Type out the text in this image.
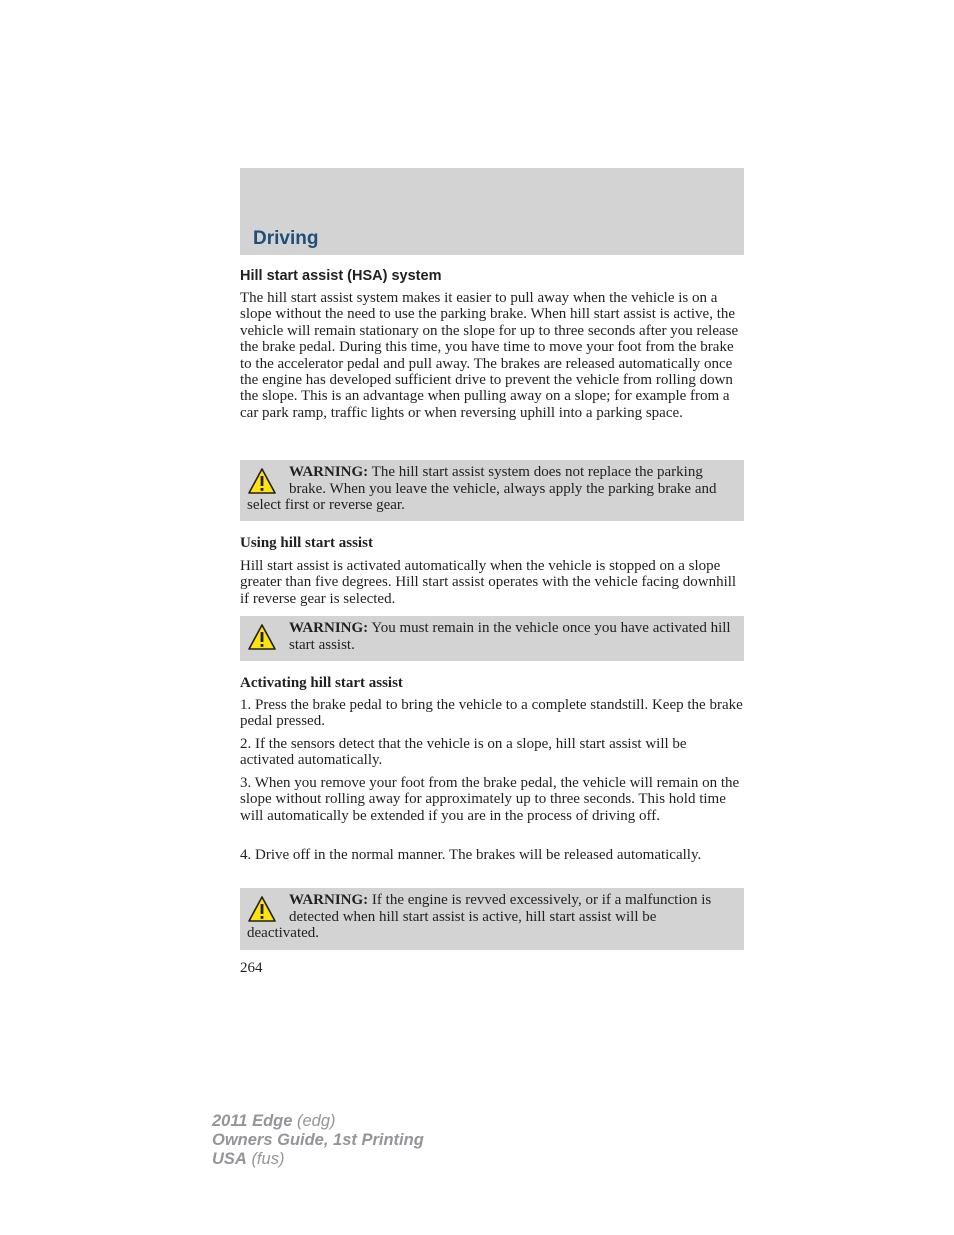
Driving
Hill start assist (HSA) system

The hill start assist system makes it easier to pull away when the vehicle is on a slope without the need to use the parking brake. When hill start assist is active, the vehicle will remain stationary on the slope for up to three seconds after you release the brake pedal. During this time, you have time to move your foot from the brake to the accelerator pedal and pull away. The brakes are released automatically once the engine has developed sufficient drive to prevent the vehicle from rolling down the slope. This is an advantage when pulling away on a slope; for example from a car park ramp, traffic lights or when reversing uphill into a parking space.

WARNING: The hill start assist system does not replace the parking brake. When you leave the vehicle, always apply the parking brake and select first or reverse gear.
Using hill start assist

Hill start assist is activated automatically when the vehicle is stopped on a slope greater than five degrees. Hill start assist operates with the vehicle facing downhill if reverse gear is selected.

WARNING: You must remain in the vehicle once you have activated hill start assist.
Activating hill start assist

1. Press the brake pedal to bring the vehicle to a complete standstill. Keep the brake pedal pressed.

2. If the sensors detect that the vehicle is on a slope, hill start assist will be activated automatically.

3. When you remove your foot from the brake pedal, the vehicle will remain on the slope without rolling away for approximately up to three seconds. This hold time will automatically be extended if you are in the process of driving off.

4. Drive off in the normal manner. The brakes will be released automatically.

WARNING: If the engine is revved excessively, or if a malfunction is detected when hill start assist is active, hill start assist will be deactivated.
264
2011 Edge (edg)
Owners Guide, 1st Printing
USA (fus)
